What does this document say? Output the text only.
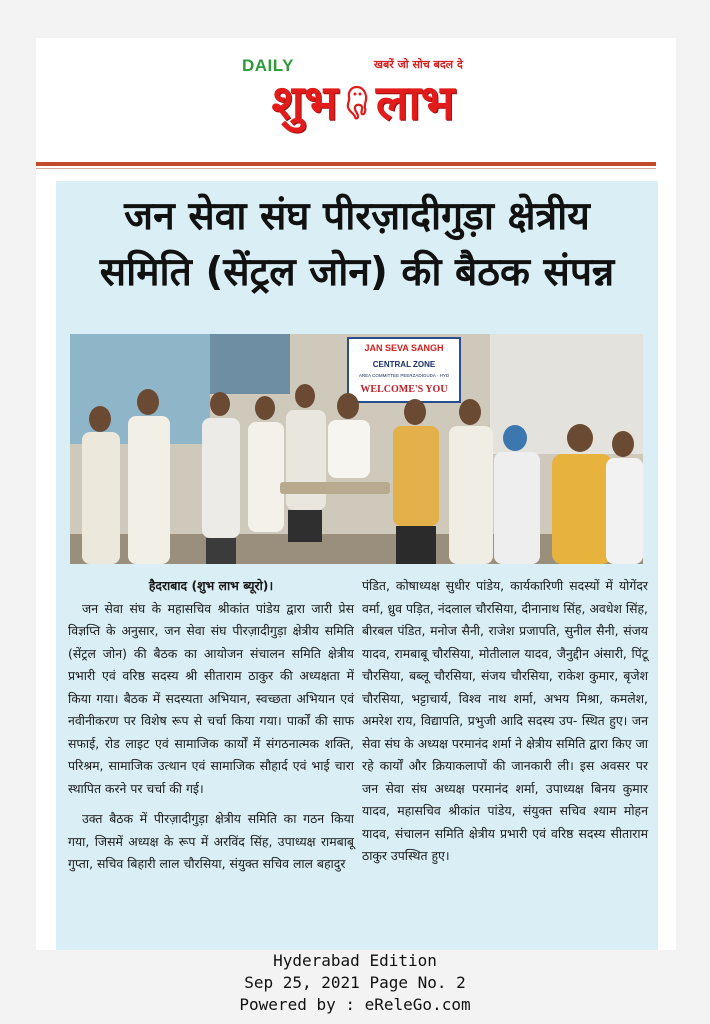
DAILY	खबरें जो सोच बदल दे
शुभ लाभ
जन सेवा संघ पीरज़ादीगुड़ा क्षेत्रीय
समिति (सेंट्रल जोन) की बैठक संपन्न
JAN SEVA SANGH
CENTRAL ZONE
AREA COMMITTEE PEERZADIGUDA · HYD
WELCOME'S YOU
हैदराबाद (शुभ लाभ ब्यूरो)।

जन सेवा संघ के महासचिव श्रीकांत पांडेय द्वारा जारी प्रेस विज्ञप्ति के अनुसार, जन सेवा संघ पीरज़ादीगुड़ा क्षेत्रीय समिति (सेंट्रल जोन) की बैठक का आयोजन संचालन समिति क्षेत्रीय प्रभारी एवं वरिष्ठ सदस्य श्री सीताराम ठाकुर की अध्यक्षता में किया गया। बैठक में सदस्यता अभियान, स्वच्छता अभियान एवं नवीनीकरण पर विशेष रूप से चर्चा किया गया। पार्कों की साफ सफाई, रोड लाइट एवं सामाजिक कार्यों में संगठनात्मक शक्ति, परिश्रम, सामाजिक उत्थान एवं सामाजिक सौहार्द एवं भाई चारा स्थापित करने पर चर्चा की गई।

उक्त बैठक में पीरज़ादीगुड़ा क्षेत्रीय समिति का गठन किया गया, जिसमें अध्यक्ष के रूप में अरविंद सिंह, उपाध्यक्ष रामबाबू गुप्ता, सचिव बिहारी लाल चौरसिया, संयुक्त सचिव लाल बहादुर

पंडित, कोषाध्यक्ष सुधीर पांडेय, कार्यकारिणी सदस्यों में योगेंदर वर्मा, ध्रुव पड़ित, नंदलाल चौरसिया, दीनानाथ सिंह, अवधेश सिंह, बीरबल पंडित, मनोज सैनी, राजेश प्रजापति, सुनील सैनी, संजय यादव, रामबाबू चौरसिया, मोतीलाल यादव, जैनुद्दीन अंसारी, पिंटू चौरसिया, बब्लू चौरसिया, संजय चौरसिया, राकेश कुमार, बृजेश चौरसिया, भट्टाचार्य, विश्व नाथ शर्मा, अभय मिश्रा, कमलेश, अमरेश राय, विद्यापति, प्रभुजी आदि सदस्य उप- स्थित हुए। जन सेवा संघ के अध्यक्ष परमानंद शर्मा ने क्षेत्रीय समिति द्वारा किए जा रहे कार्यों और क्रियाकलापों की जानकारी ली। इस अवसर पर जन सेवा संघ अध्यक्ष परमानंद शर्मा, उपाध्यक्ष बिनय कुमार यादव, महासचिव श्रीकांत पांडेय, संयुक्त सचिव श्याम मोहन यादव, संचालन समिति क्षेत्रीय प्रभारी एवं वरिष्ठ सदस्य सीताराम ठाकुर उपस्थित हुए।

Hyderabad Edition
Sep 25, 2021 Page No. 2
Powered by : eReleGo.com
